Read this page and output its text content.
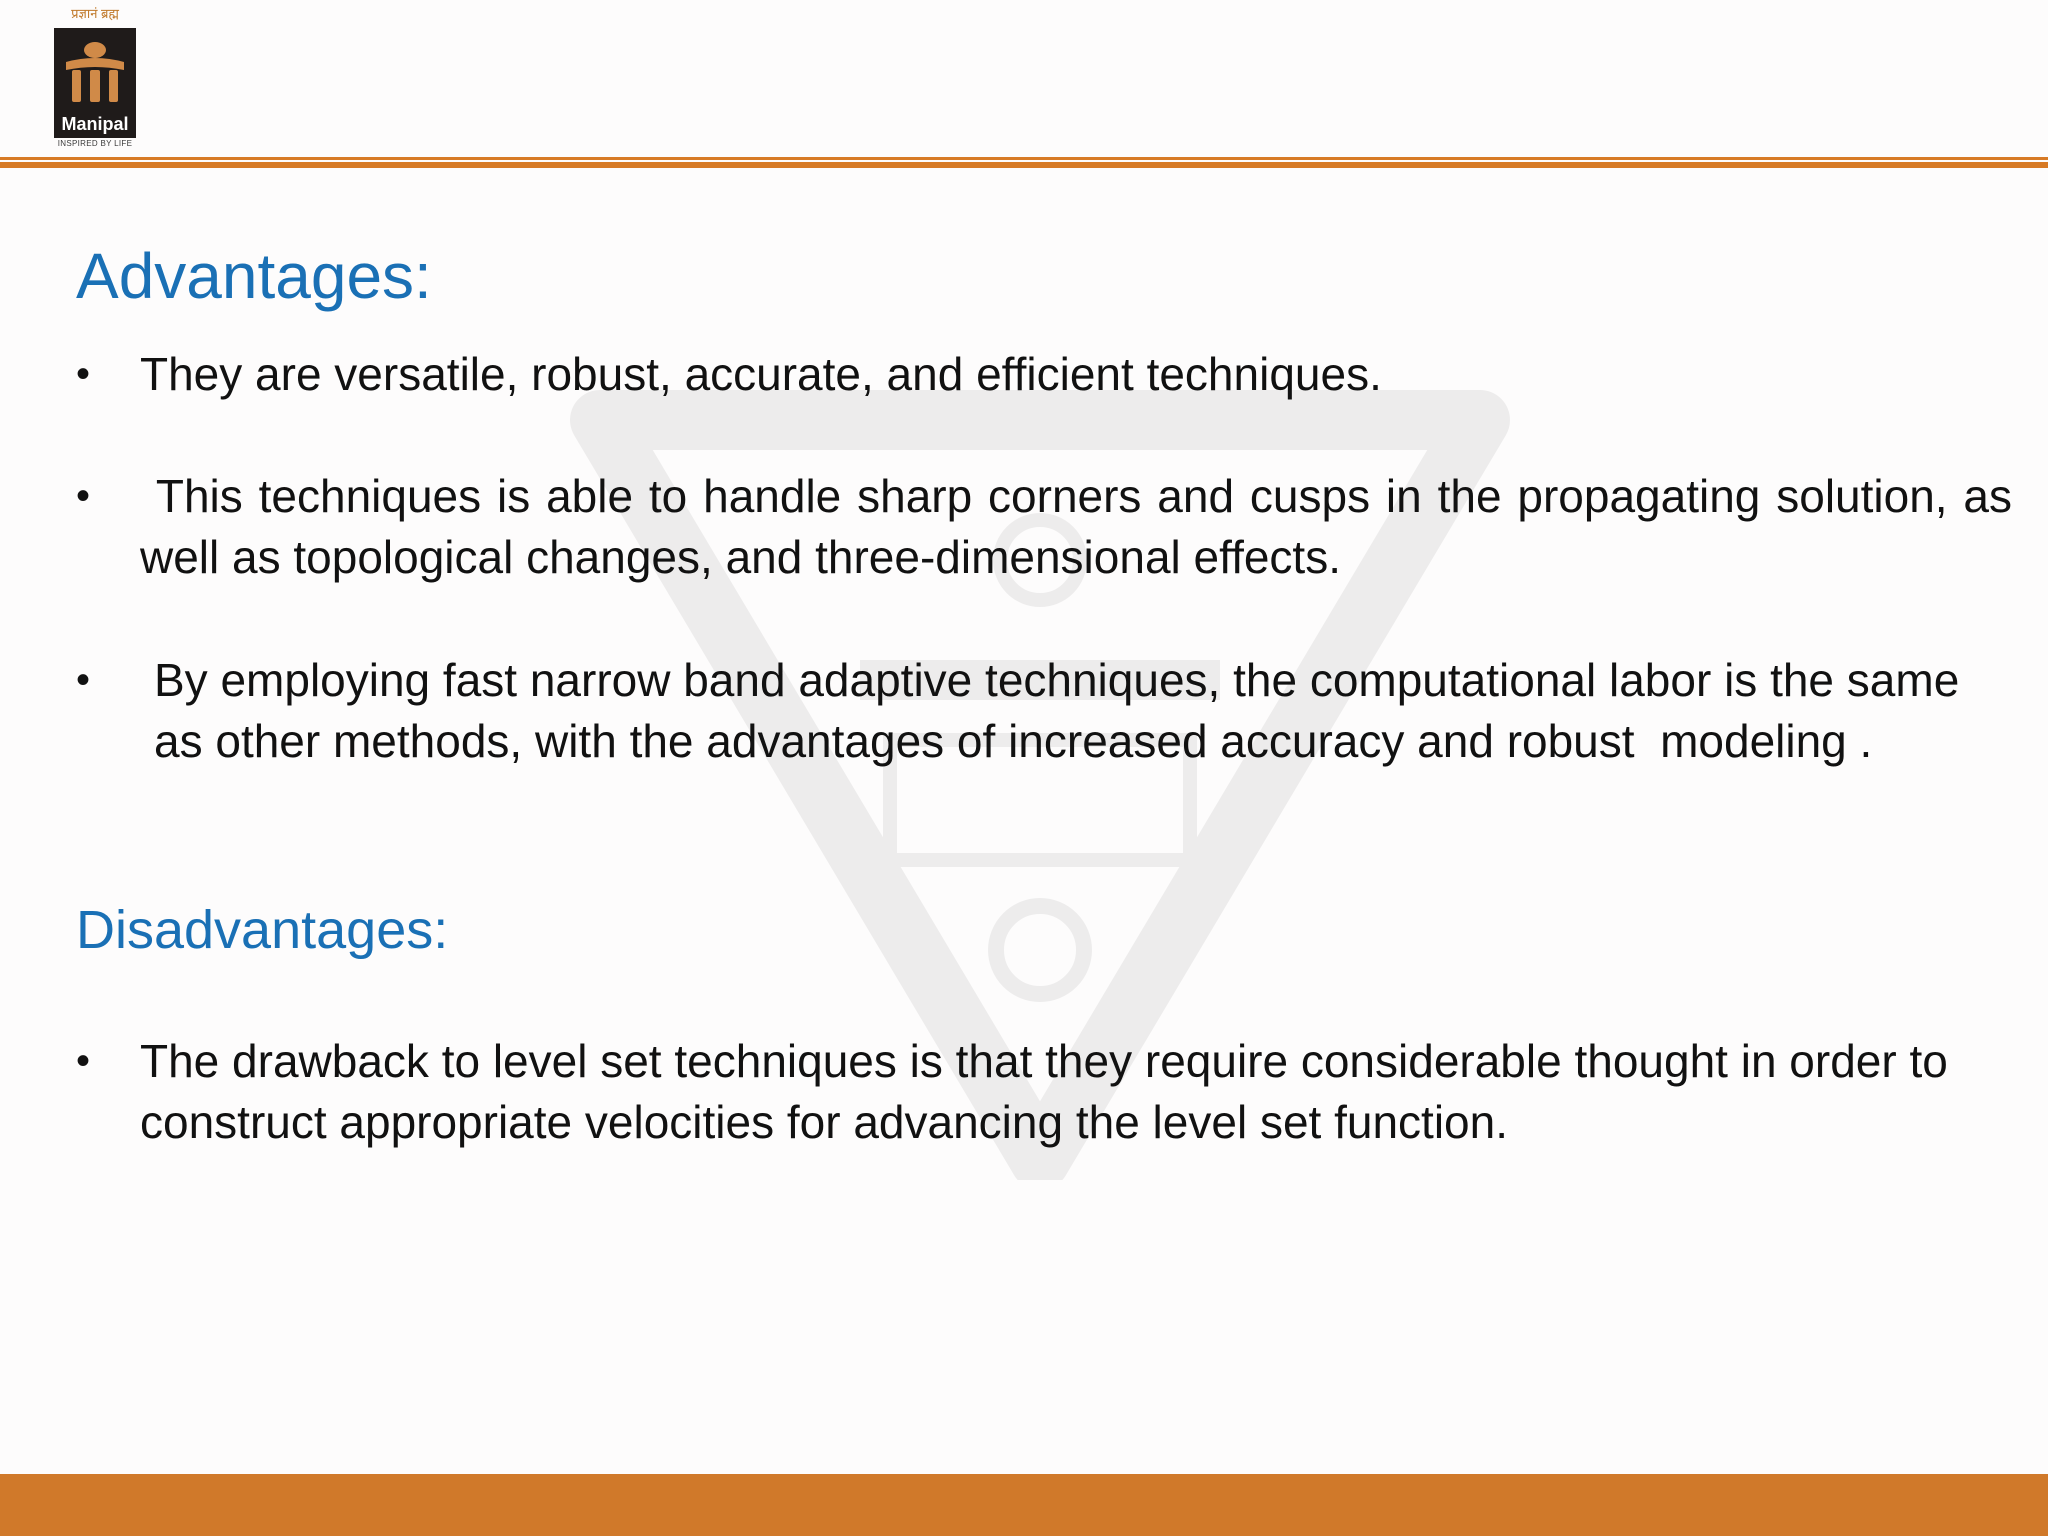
प्रज्ञानं ब्रह्म
Manipal
INSPIRED BY LIFE
Advantages:
•	They are versatile, robust, accurate, and efficient techniques.
•	This techniques is able to handle sharp corners and cusps in the propagating solution, as well as topological changes, and three-dimensional effects.
•	By employing fast narrow band adaptive techniques, the computational labor is the same as other methods, with the advantages of increased accuracy and robust  modeling .
Disadvantages:
•	The drawback to level set techniques is that they require considerable thought in order to construct appropriate velocities for advancing the level set function.
